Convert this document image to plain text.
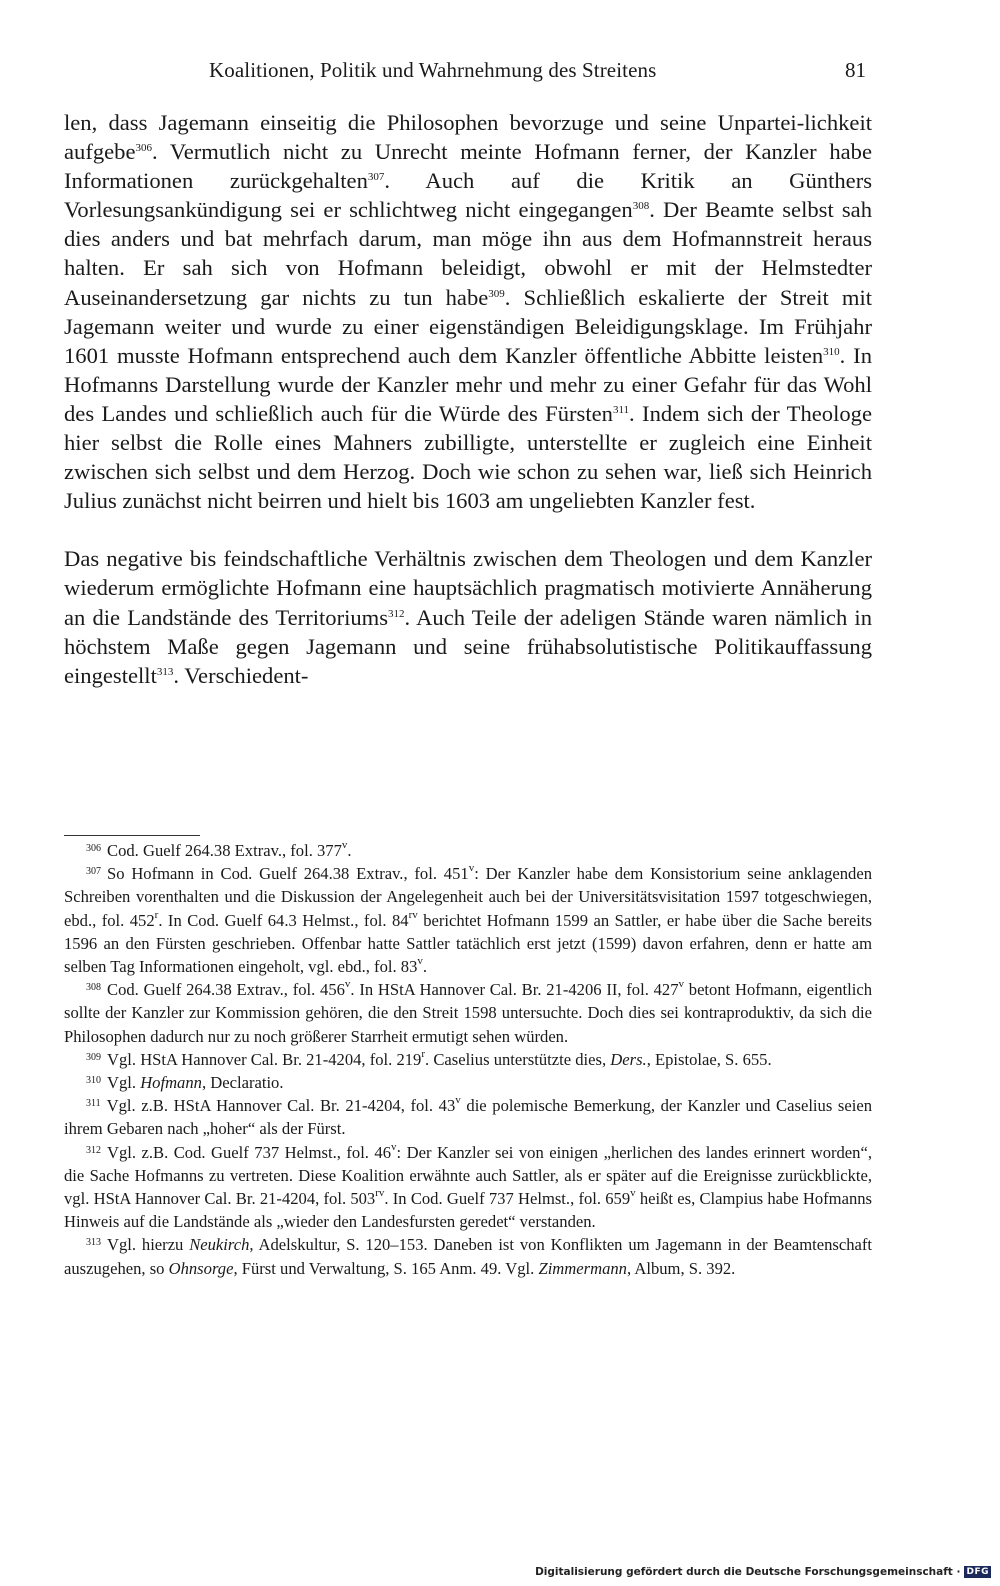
Koalitionen, Politik und Wahrnehmung des Streitens	81

len, dass Jagemann einseitig die Philosophen bevorzuge und seine Unpartei-lichkeit aufgebe$^{306}$. Vermutlich nicht zu Unrecht meinte Hofmann ferner, der Kanzler habe Informationen zurückgehalten$^{307}$. Auch auf die Kritik an Günthers Vorlesungsankündigung sei er schlichtweg nicht eingegangen$^{308}$. Der Beamte selbst sah dies anders und bat mehrfach darum, man möge ihn aus dem Hofmannstreit heraus halten. Er sah sich von Hofmann beleidigt, obwohl er mit der Helmstedter Auseinandersetzung gar nichts zu tun habe$^{309}$. Schließlich eskalierte der Streit mit Jagemann weiter und wurde zu einer eigenständigen Beleidigungsklage. Im Frühjahr 1601 musste Hofmann entsprechend auch dem Kanzler öffentliche Abbitte leisten$^{310}$. In Hofmanns Darstellung wurde der Kanzler mehr und mehr zu einer Gefahr für das Wohl des Landes und schließlich auch für die Würde des Fürsten$^{311}$. Indem sich der Theologe hier selbst die Rolle eines Mahners zubilligte, unterstellte er zugleich eine Einheit zwischen sich selbst und dem Herzog. Doch wie schon zu sehen war, ließ sich Heinrich Julius zunächst nicht beirren und hielt bis 1603 am ungeliebten Kanzler fest.

Das negative bis feindschaftliche Verhältnis zwischen dem Theologen und dem Kanzler wiederum ermöglichte Hofmann eine hauptsächlich pragmatisch motivierte Annäherung an die Landstände des Territoriums$^{312}$. Auch Teile der adeligen Stände waren nämlich in höchstem Maße gegen Jagemann und seine frühabsolutistische Politikauffassung eingestellt$^{313}$. Verschiedent-

$^{306}$ Cod. Guelf 264.38 Extrav., fol. 377$^v$.

$^{307}$ So Hofmann in Cod. Guelf 264.38 Extrav., fol. 451$^v$: Der Kanzler habe dem Konsistorium seine anklagenden Schreiben vorenthalten und die Diskussion der Angelegenheit auch bei der Universitätsvisitation 1597 totgeschwiegen, ebd., fol. 452$^r$. In Cod. Guelf 64.3 Helmst., fol. $84^{rv}$ berichtet Hofmann 1599 an Sattler, er habe über die Sache bereits 1596 an den Fürsten geschrieben. Offenbar hatte Sattler tatächlich erst jetzt (1599) davon erfahren, denn er hatte am selben Tag Informationen eingeholt, vgl. ebd., fol. 83$^v$.

$^{308}$ Cod. Guelf 264.38 Extrav., fol. 456$^v$. In HStA Hannover Cal. Br. 21-4206 II, fol. 427$^v$ betont Hofmann, eigentlich sollte der Kanzler zur Kommission gehören, die den Streit 1598 untersuchte. Doch dies sei kontraproduktiv, da sich die Philosophen dadurch nur zu noch größerer Starrheit ermutigt sehen würden.

$^{309}$ Vgl. HStA Hannover Cal. Br. 21-4204, fol. 219$^r$. Caselius unterstützte dies, Ders., Epistolae, S. 655.

$^{310}$ Vgl. Hofmann, Declaratio.

$^{311}$ Vgl. z.B. HStA Hannover Cal. Br. 21-4204, fol. 43$^v$ die polemische Bemerkung, der Kanzler und Caselius seien ihrem Gebaren nach „hoher“ als der Fürst.

$^{312}$ Vgl. z.B. Cod. Guelf 737 Helmst., fol. 46$^v$: Der Kanzler sei von einigen „herlichen des landes erinnert worden“, die Sache Hofmanns zu vertreten. Diese Koalition erwähnte auch Sattler, als er später auf die Ereignisse zurückblickte, vgl. HStA Hannover Cal. Br. 21-4204, fol. $503^{rv}$. In Cod. Guelf 737 Helmst., fol. 659$^v$ heißt es, Clampius habe Hofmanns Hinweis auf die Landstände als „wieder den Landesfursten geredet“ verstanden.

$^{313}$ Vgl. hierzu Neukirch, Adelskultur, S. 120–153. Daneben ist von Konflikten um Jagemann in der Beamtenschaft auszugehen, so Ohnsorge, Fürst und Verwaltung, S. 165 Anm. 49. Vgl. Zimmermann, Album, S. 392.

Digitalisierung gefördert durch die Deutsche Forschungsgemeinschaft · DFG
